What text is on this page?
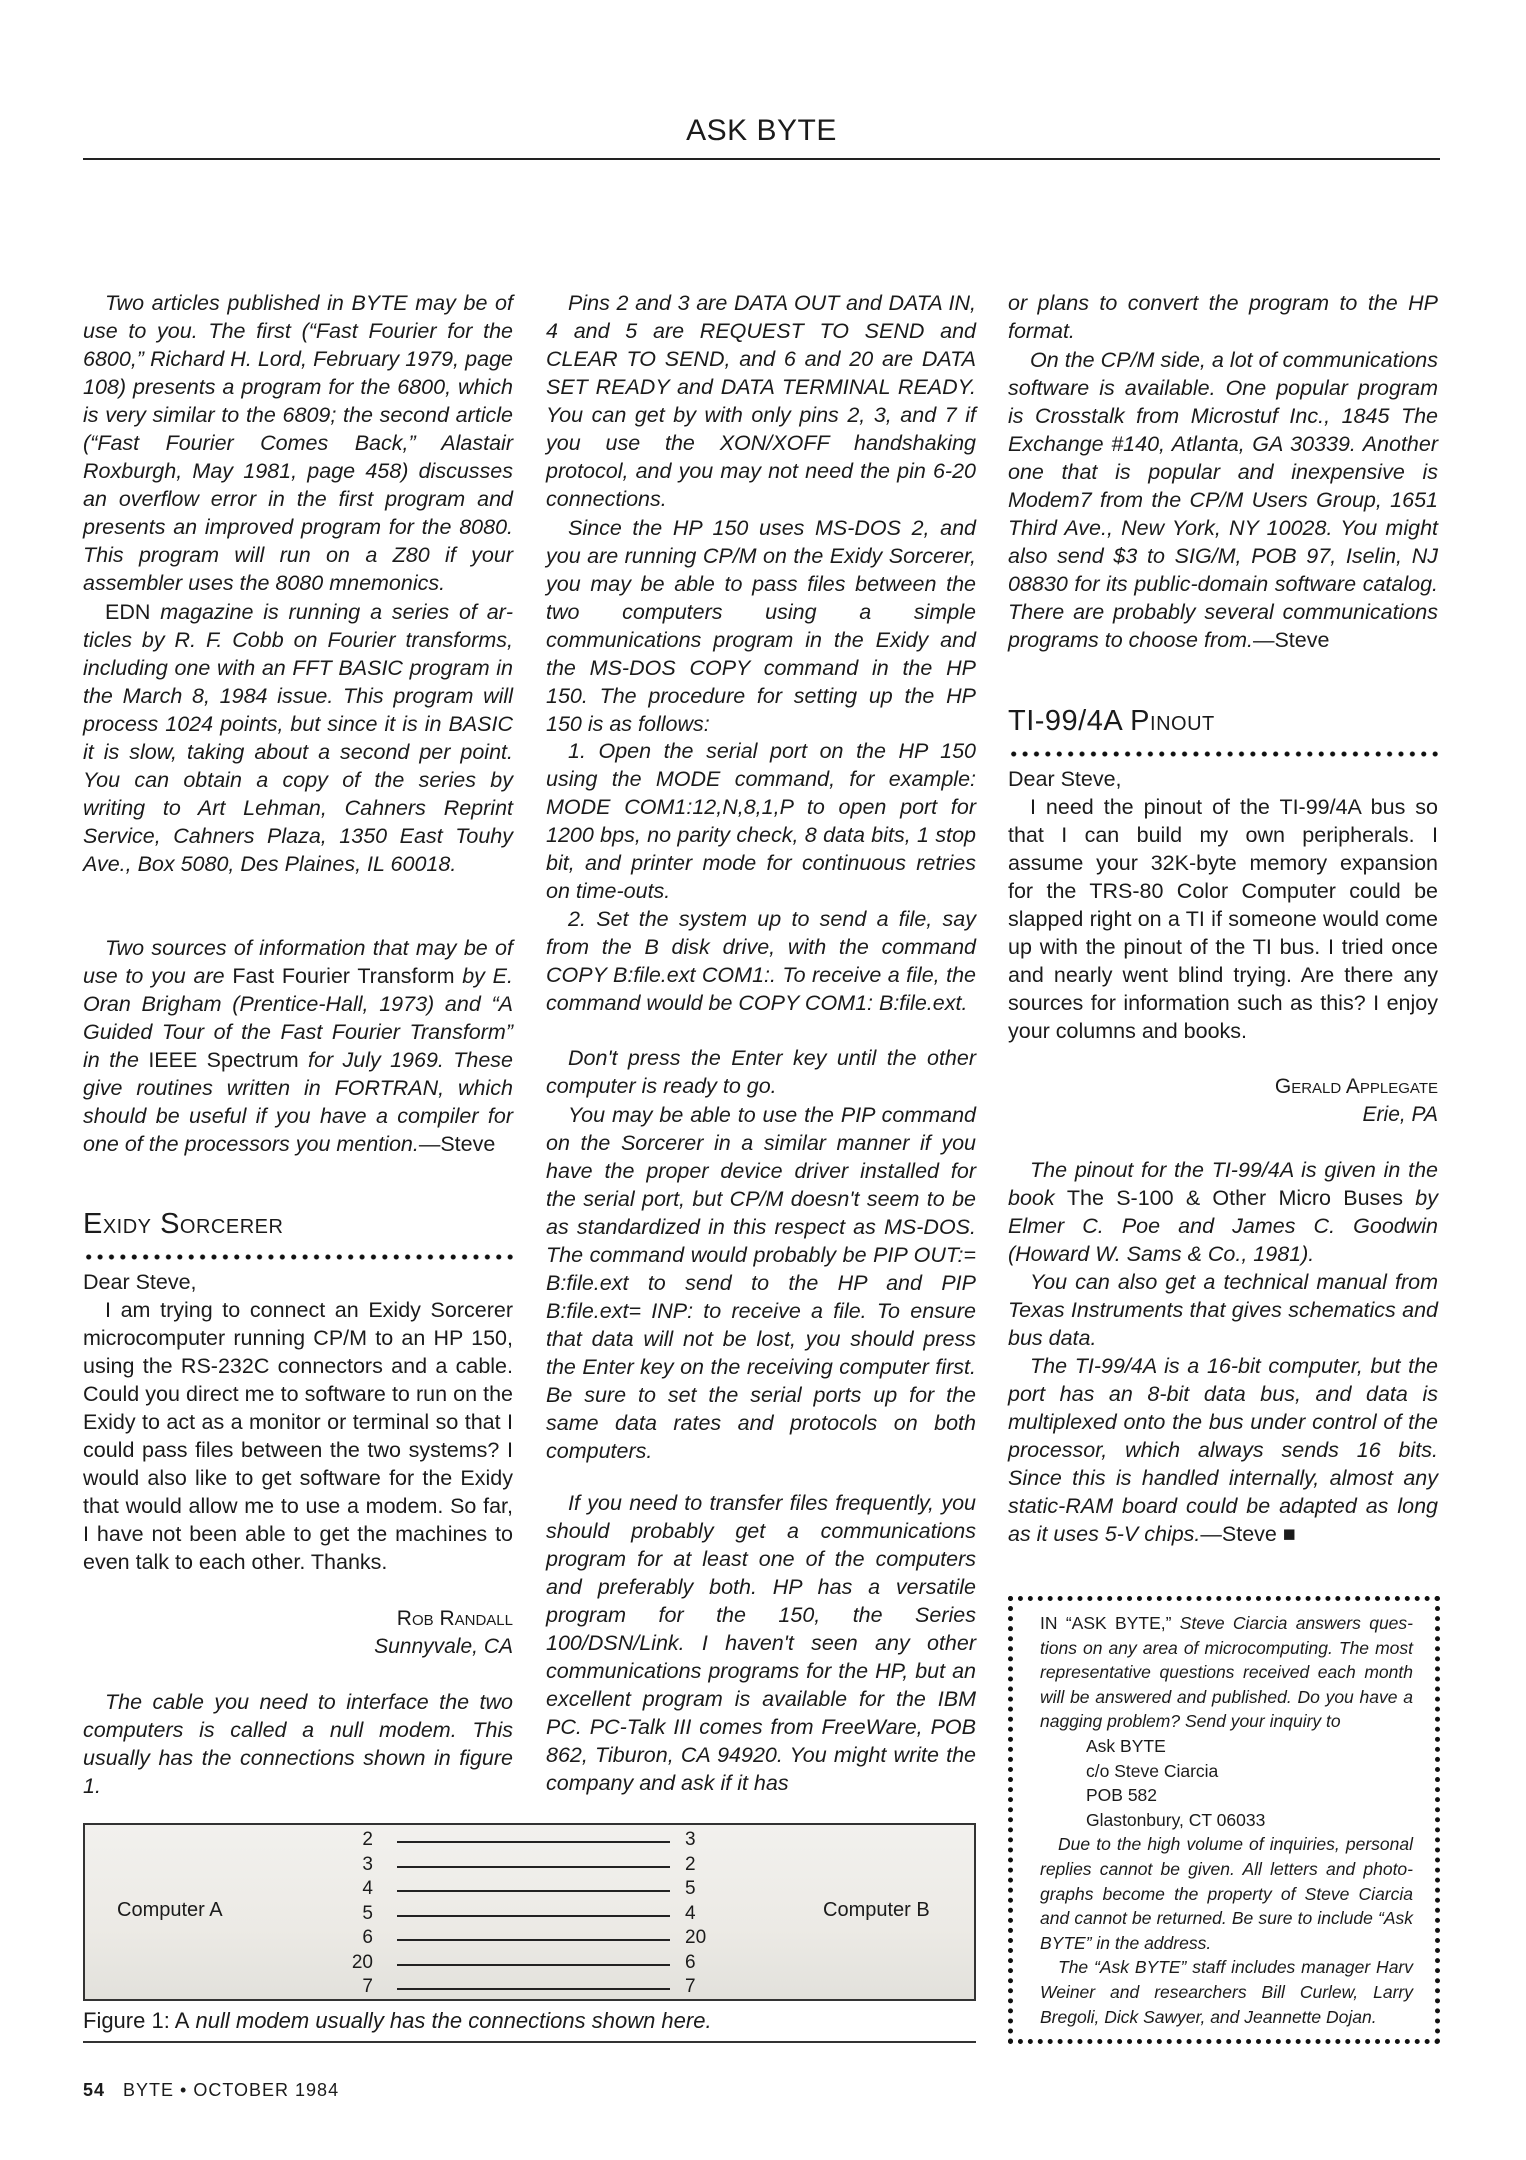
ASK BYTE
Two articles published in BYTE may be of use to you. The first (“Fast Fourier for the 6800,” Richard H. Lord, February 1979, page 108) presents a program for the 6800, which is very similar to the 6809; the second article (“Fast Fourier Comes Back,” Alastair Roxburgh, May 1981, page 458) discusses an overflow error in the first program and presents an improved program for the 8080. This program will run on a Z80 if your assembler uses the 8080 mnemonics.
EDN magazine is running a series of articles by R. F. Cobb on Fourier transforms, including one with an FFT BASIC program in the March 8, 1984 issue. This program will process 1024 points, but since it is in BASIC it is slow, taking about a second per point. You can obtain a copy of the series by writing to Art Lehman, Cahners Reprint Service, Cahners Plaza, 1350 East Touhy Ave., Box 5080, Des Plaines, IL 60018.
Two sources of information that may be of use to you are Fast Fourier Transform by E. Oran Brigham (Prentice-Hall, 1973) and “A Guided Tour of the Fast Fourier Transform” in the IEEE Spectrum for July 1969. These give routines written in FORTRAN, which should be useful if you have a compiler for one of the processors you mention.—Steve
Exidy Sorcerer
Dear Steve,
I am trying to connect an Exidy Sorcerer microcomputer running CP/M to an HP 150, using the RS-232C connectors and a cable. Could you direct me to software to run on the Exidy to act as a monitor or terminal so that I could pass files between the two systems? I would also like to get software for the Exidy that would allow me to use a modem. So far, I have not been able to get the machines to even talk to each other. Thanks.
Rob Randall
Sunnyvale, CA
The cable you need to interface the two computers is called a null modem. This usually has the connections shown in figure 1.
Pins 2 and 3 are DATA OUT and DATA IN, 4 and 5 are REQUEST TO SEND and CLEAR TO SEND, and 6 and 20 are DATA SET READY and DATA TERMINAL READY. You can get by with only pins 2, 3, and 7 if you use the XON/XOFF handshaking protocol, and you may not need the pin 6-20 connections.
Since the HP 150 uses MS-DOS 2, and you are running CP/M on the Exidy Sorcerer, you may be able to pass files between the two computers using a simple communications program in the Exidy and the MS-DOS COPY command in the HP 150. The procedure for setting up the HP 150 is as follows:
1. Open the serial port on the HP 150 using the MODE command, for example: MODE COM1:12,N,8,1,P to open port for 1200 bps, no parity check, 8 data bits, 1 stop bit, and printer mode for continuous retries on time-outs.
2. Set the system up to send a file, say from the B disk drive, with the command COPY B:file.ext COM1:. To receive a file, the command would be COPY COM1: B:file.ext.
Don't press the Enter key until the other computer is ready to go.
You may be able to use the PIP command on the Sorcerer in a similar manner if you have the proper device driver installed for the serial port, but CP/M doesn't seem to be as standardized in this respect as MS-DOS. The command would probably be PIP OUT:= B:file.ext to send to the HP and PIP B:file.ext= INP: to receive a file. To ensure that data will not be lost, you should press the Enter key on the receiving computer first. Be sure to set the serial ports up for the same data rates and protocols on both computers.
If you need to transfer files frequently, you should probably get a communications program for at least one of the computers and preferably both. HP has a versatile program for the 150, the Series 100/DSN/Link. I haven't seen any other communications programs for the HP, but an excellent program is available for the IBM PC. PC-Talk III comes from FreeWare, POB 862, Tiburon, CA 94920. You might write the company and ask if it has
or plans to convert the program to the HP format.
On the CP/M side, a lot of communications software is available. One popular program is Crosstalk from Microstuf Inc., 1845 The Exchange #140, Atlanta, GA 30339. Another one that is popular and inexpensive is Modem7 from the CP/M Users Group, 1651 Third Ave., New York, NY 10028. You might also send $3 to SIG/M, POB 97, Iselin, NJ 08830 for its public-domain software catalog. There are probably several communications programs to choose from.—Steve
TI-99/4A Pinout
Dear Steve,
I need the pinout of the TI-99/4A bus so that I can build my own peripherals. I assume your 32K-byte memory expansion for the TRS-80 Color Computer could be slapped right on a TI if someone would come up with the pinout of the TI bus. I tried once and nearly went blind trying. Are there any sources for information such as this? I enjoy your columns and books.
Gerald Applegate
Erie, PA
The pinout for the TI-99/4A is given in the book The S-100 & Other Micro Buses by Elmer C. Poe and James C. Goodwin (Howard W. Sams & Co., 1981).
You can also get a technical manual from Texas Instruments that gives schematics and bus data.
The TI-99/4A is a 16-bit computer, but the port has an 8-bit data bus, and data is multiplexed onto the bus under control of the processor, which always sends 16 bits. Since this is handled internally, almost any static-RAM board could be adapted as long as it uses 5-V chips.—Steve ■
Computer A	Computer B
2	3
3	2
4	5
5	4
6	20
20	6
7	7
Figure 1: A null modem usually has the connections shown here.

IN “ASK BYTE,” Steve Ciarcia answers questions on any area of microcomputing. The most representative questions received each month will be answered and published. Do you have a nagging problem? Send your inquiry to

Ask BYTE
c/o Steve Ciarcia
POB 582
Glastonbury, CT 06033

Due to the high volume of inquiries, personal replies cannot be given. All letters and photographs become the property of Steve Ciarcia and cannot be returned. Be sure to include “Ask BYTE” in the address.

The “Ask BYTE” staff includes manager Harv Weiner and researchers Bill Curlew, Larry Bregoli, Dick Sawyer, and Jeannette Dojan.

54 BYTE • OCTOBER 1984
